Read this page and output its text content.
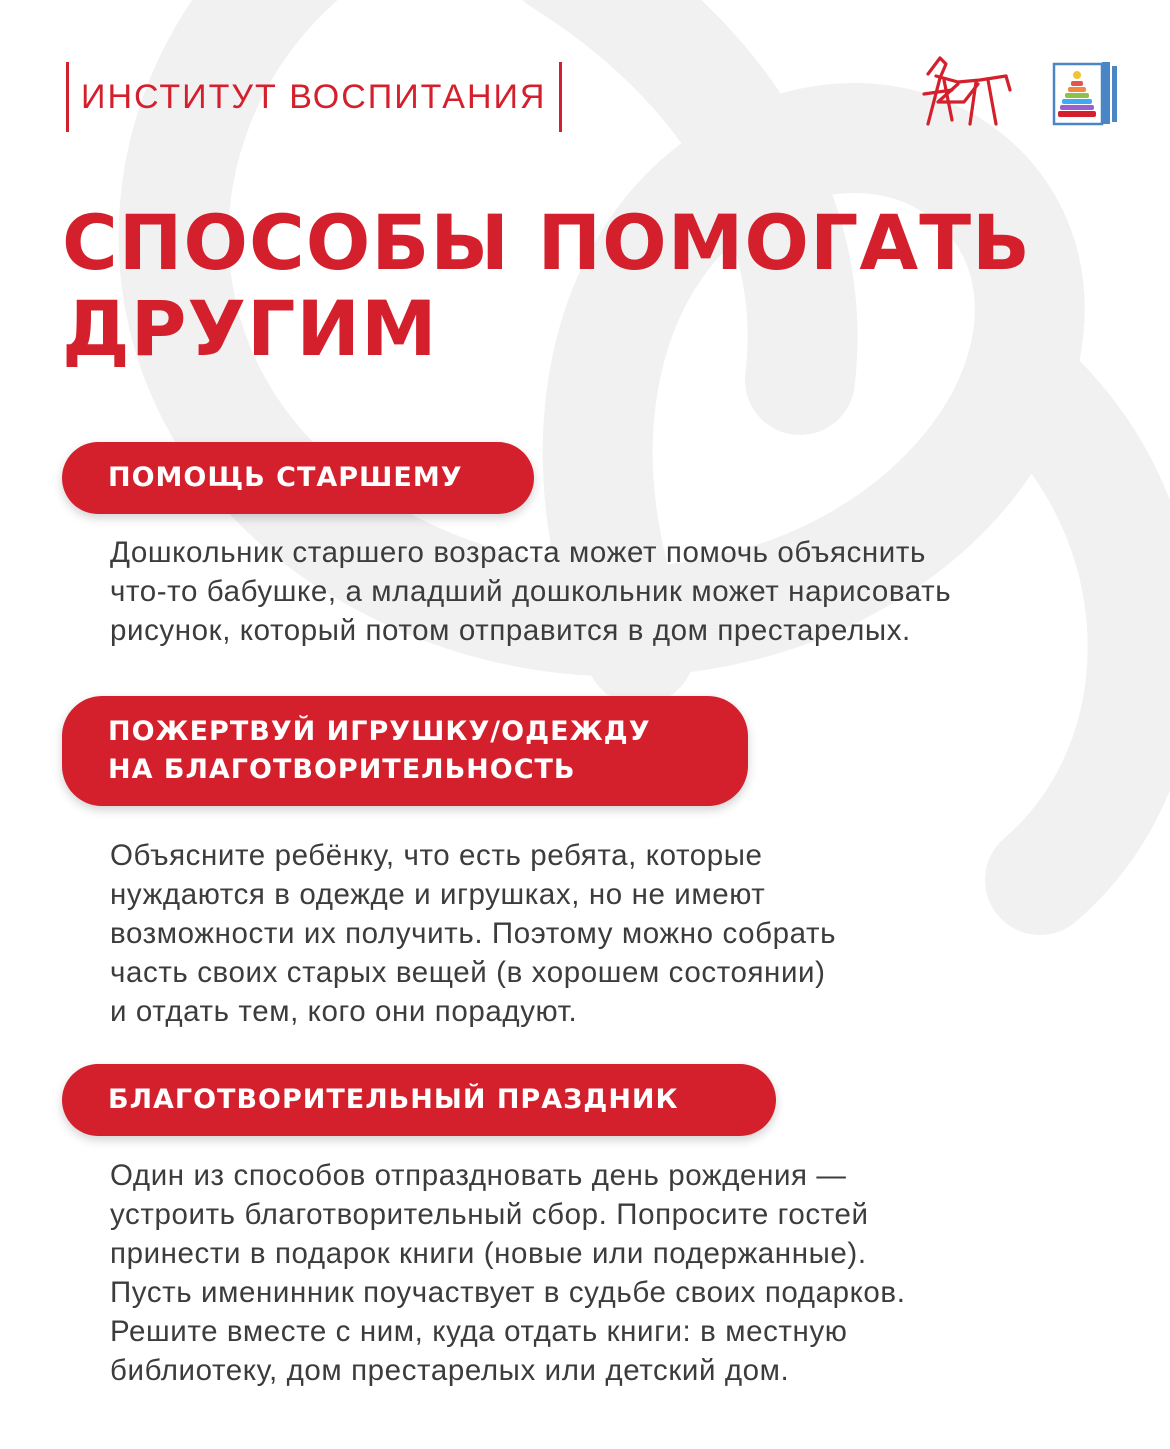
ИНСТИТУТ ВОСПИТАНИЯ
СПОСОБЫ ПОМОГАТЬ
ДРУГИМ
ПОМОЩЬ СТАРШЕМУ

Дошкольник старшего возраста может помочь объяснить
что-то бабушке, а младший дошкольник может нарисовать
рисунок, который потом отправится в дом престарелых.

ПОЖЕРТВУЙ ИГРУШКУ/ОДЕЖДУ
НА БЛАГОТВОРИТЕЛЬНОСТЬ

Объясните ребёнку, что есть ребята, которые
нуждаются в одежде и игрушках, но не имеют
возможности их получить. Поэтому можно собрать
часть своих старых вещей (в хорошем состоянии)
и отдать тем, кого они порадуют.

БЛАГОТВОРИТЕЛЬНЫЙ ПРАЗДНИК

Один из способов отпраздновать день рождения —
устроить благотворительный сбор. Попросите гостей
принести в подарок книги (новые или подержанные).
Пусть именинник поучаствует в судьбе своих подарков.
Решите вместе с ним, куда отдать книги: в местную
библиотеку, дом престарелых или детский дом.
